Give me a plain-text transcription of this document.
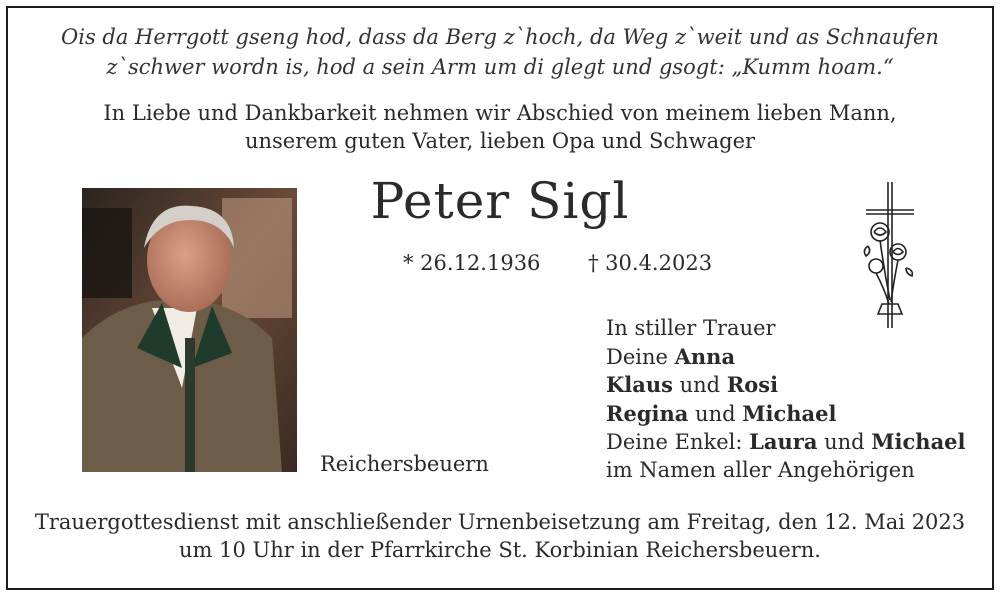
Ois da Herrgott gseng hod, dass da Berg z`hoch, da Weg z`weit und as Schnaufen
z`schwer wordn is, hod a sein Arm um di glegt und gsogt: „Kumm hoam.“
In Liebe und Dankbarkeit nehmen wir Abschied von meinem lieben Mann,
unserem guten Vater, lieben Opa und Schwager
Peter Sigl
* 26.12.1936 † 30.4.2023
Reichersbeuern
In stiller Trauer
Deine Anna
Klaus und Rosi
Regina und Michael
Deine Enkel: Laura und Michael
im Namen aller Angehörigen
Trauergottesdienst mit anschließender Urnenbeisetzung am Freitag, den 12. Mai 2023
um 10 Uhr in der Pfarrkirche St. Korbinian Reichersbeuern.
